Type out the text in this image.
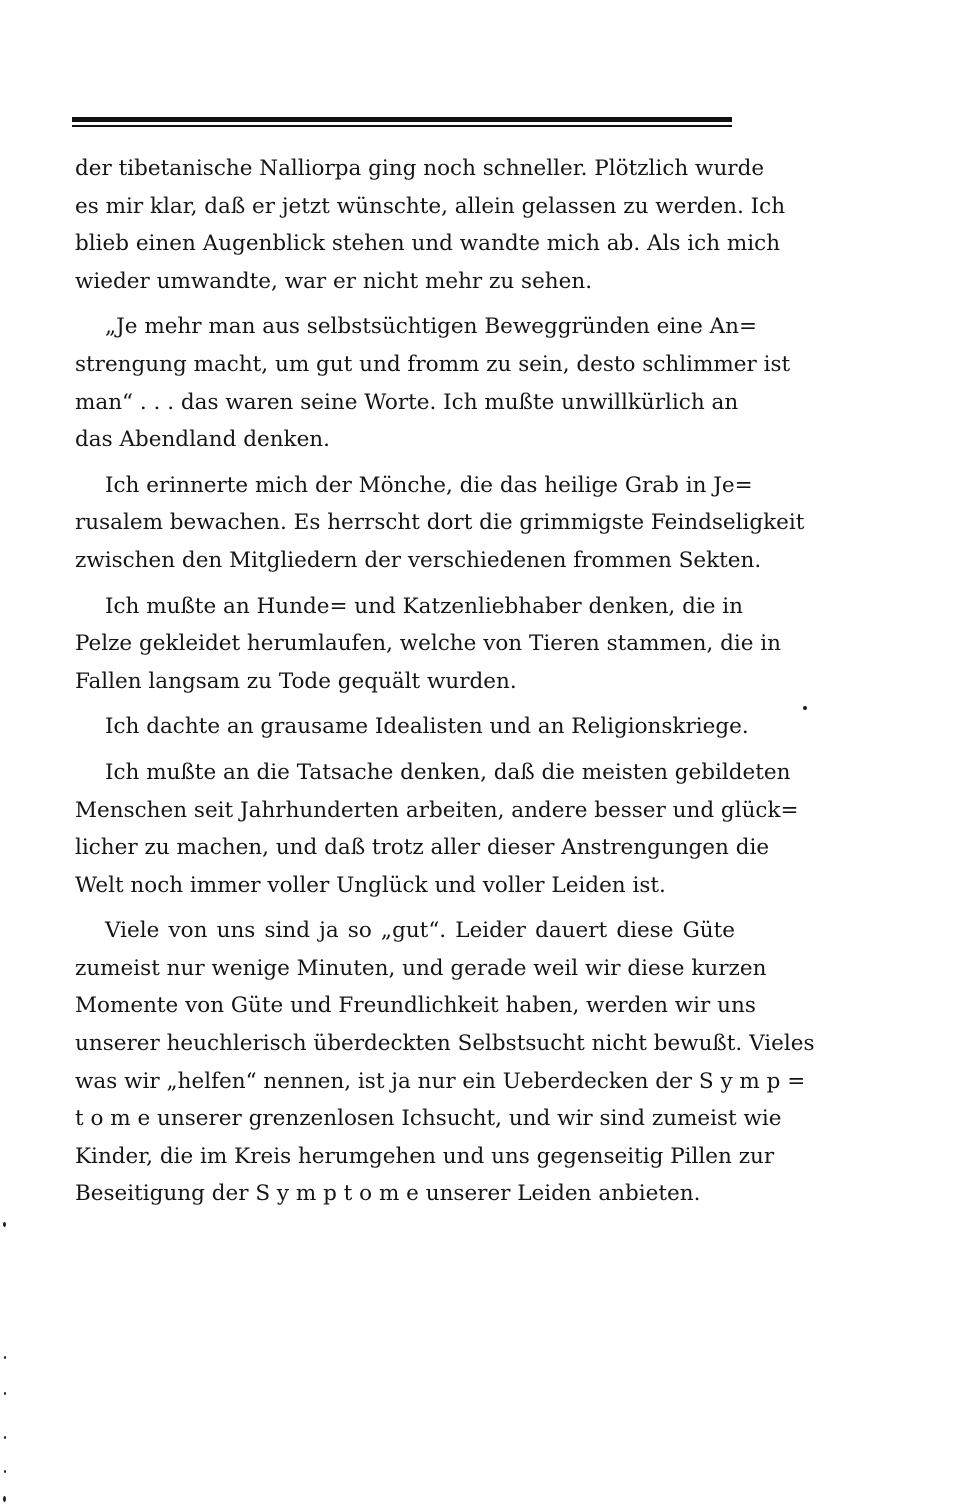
der tibetanische Nalliorpa ging noch schneller. Plötzlich wurde
es mir klar, daß er jetzt wünschte, allein gelassen zu werden. Ich
blieb einen Augenblick stehen und wandte mich ab. Als ich mich
wieder umwandte, war er nicht mehr zu sehen.
„Je mehr man aus selbstsüchtigen Beweggründen eine An=
strengung macht, um gut und fromm zu sein, desto schlimmer ist
man“ . . . das waren seine Worte. Ich mußte unwillkürlich an
das Abendland denken.
Ich erinnerte mich der Mönche, die das heilige Grab in Je=
rusalem bewachen. Es herrscht dort die grimmigste Feindseligkeit
zwischen den Mitgliedern der verschiedenen frommen Sekten.
Ich mußte an Hunde= und Katzenliebhaber denken, die in
Pelze gekleidet herumlaufen, welche von Tieren stammen, die in
Fallen langsam zu Tode gequält wurden.
Ich dachte an grausame Idealisten und an Religionskriege.
Ich mußte an die Tatsache denken, daß die meisten gebildeten
Menschen seit Jahrhunderten arbeiten, andere besser und glück=
licher zu machen, und daß trotz aller dieser Anstrengungen die
Welt noch immer voller Unglück und voller Leiden ist.
Viele von uns sind ja so „gut“. Leider dauert diese Güte
zumeist nur wenige Minuten, und gerade weil wir diese kurzen
Momente von Güte und Freundlichkeit haben, werden wir uns
unserer heuchlerisch überdeckten Selbstsucht nicht bewußt. Vieles
was wir „helfen“ nennen, ist ja nur ein Ueberdecken der S y m p =
t o m e unserer grenzenlosen Ichsucht, und wir sind zumeist wie
Kinder, die im Kreis herumgehen und uns gegenseitig Pillen zur
Beseitigung der S y m p t o m e unserer Leiden anbieten.
